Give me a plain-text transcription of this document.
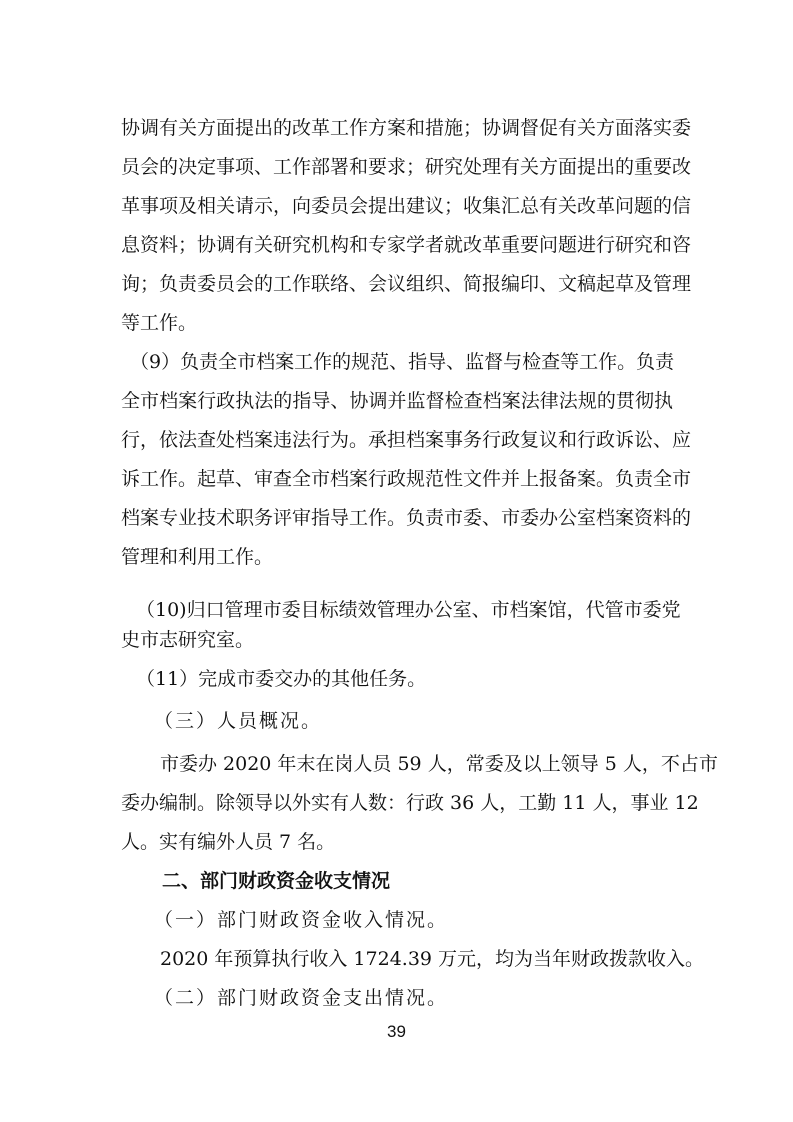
协调有关方面提出的改革工作方案和措施；协调督促有关方面落实委
员会的决定事项、工作部署和要求；研究处理有关方面提出的重要改
革事项及相关请示，向委员会提出建议；收集汇总有关改革问题的信
息资料；协调有关研究机构和专家学者就改革重要问题进行研究和咨
询；负责委员会的工作联络、会议组织、简报编印、文稿起草及管理
等工作。
（9）负责全市档案工作的规范、指导、监督与检查等工作。负责
全市档案行政执法的指导、协调并监督检查档案法律法规的贯彻执
行，依法查处档案违法行为。承担档案事务行政复议和行政诉讼、应
诉工作。起草、审查全市档案行政规范性文件并上报备案。负责全市
档案专业技术职务评审指导工作。负责市委、市委办公室档案资料的
管理和利用工作。
（10)归口管理市委目标绩效管理办公室、市档案馆，代管市委党
史市志研究室。
（11）完成市委交办的其他任务。
（三）人员概况。
市委办 2020 年末在岗人员 59 人，常委及以上领导 5 人，不占市
委办编制。除领导以外实有人数：行政 36 人，工勤 11 人，事业 12
人。实有编外人员 7 名。
二、部门财政资金收支情况
（一）部门财政资金收入情况。
2020 年预算执行收入 1724.39 万元，均为当年财政拨款收入。
（二）部门财政资金支出情况。
39
